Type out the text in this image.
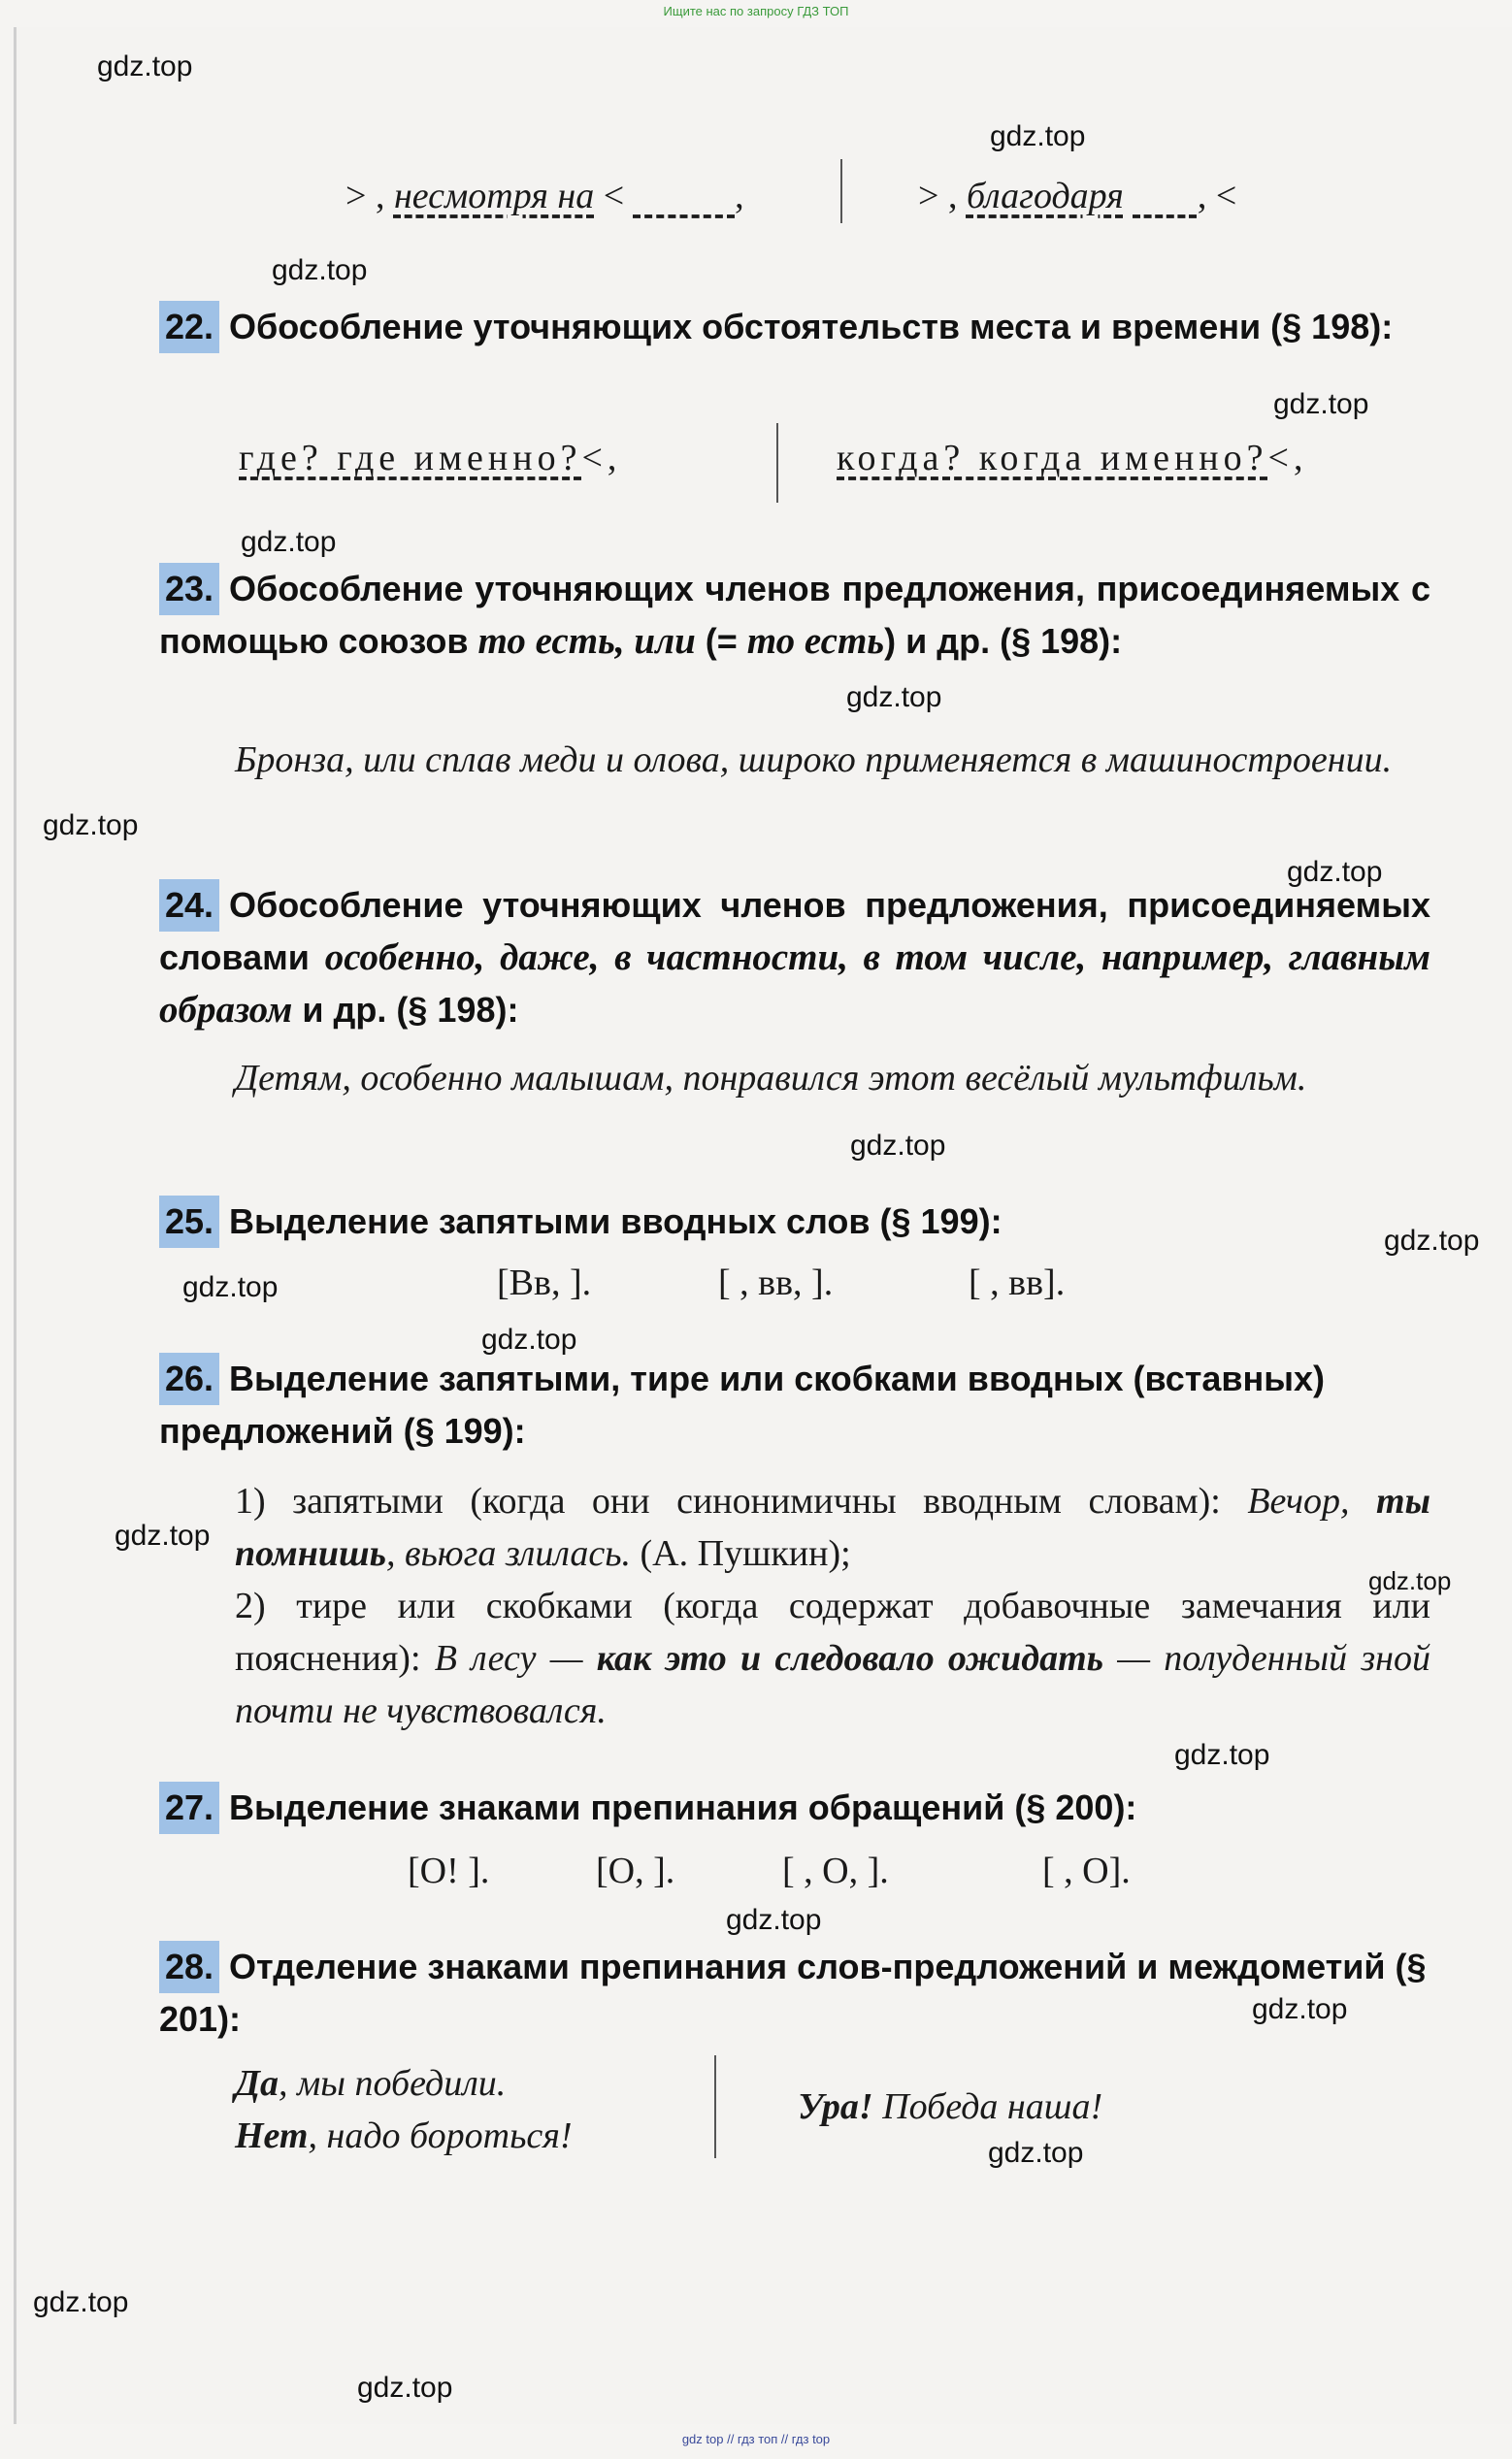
Ищите нас по запросу ГДЗ ТОП
gdz.top
gdz.top
gdz.top
gdz.top
gdz.top
gdz.top
gdz.top
gdz.top
gdz.top
gdz.top
gdz.top
gdz.top
gdz.top
gdz.top
gdz.top
gdz.top
gdz.top
gdz.top
gdz.top
gdz.top
> , несмотря на <	,	> , благодаря , <
22. Обособление уточняющих обстоятельств места и времени (§ 198):
где? где именно?<,	когда? когда именно?<,
23. Обособление уточняющих членов предложения, присоединяемых с помощью союзов то есть, или (= то есть) и др. (§ 198):
Бронза, или сплав меди и олова, широко применяется в машиностроении.
24. Обособление уточняющих членов предложения, присоединяемых словами особенно, даже, в частности, в том числе, например, главным образом и др. (§ 198):
Детям, особенно малышам, понравился этот весёлый мультфильм.
25. Выделение запятыми вводных слов (§ 199):
[Вв, ].	[ , вв, ].	[ , вв].
26. Выделение запятыми, тире или скобками вводных (вставных) предложений (§ 199):
1) запятыми (когда они синонимичны вводным словам): Вечор, ты помнишь, вьюга злилась. (А. Пушкин);
2) тире или скобками (когда содержат добавочные замечания или пояснения): В лесу — как это и следовало ожидать — полуденный зной почти не чувствовался.
27. Выделение знаками препинания обращений (§ 200):
[О! ].	[О, ].	[ , О, ].	[ , О].
28. Отделение знаками препинания слов-предложений и междометий (§ 201):
Да, мы победили.
Нет, надо бороться!
Ура! Победа наша!
gdz top // гдз топ // гдз top
